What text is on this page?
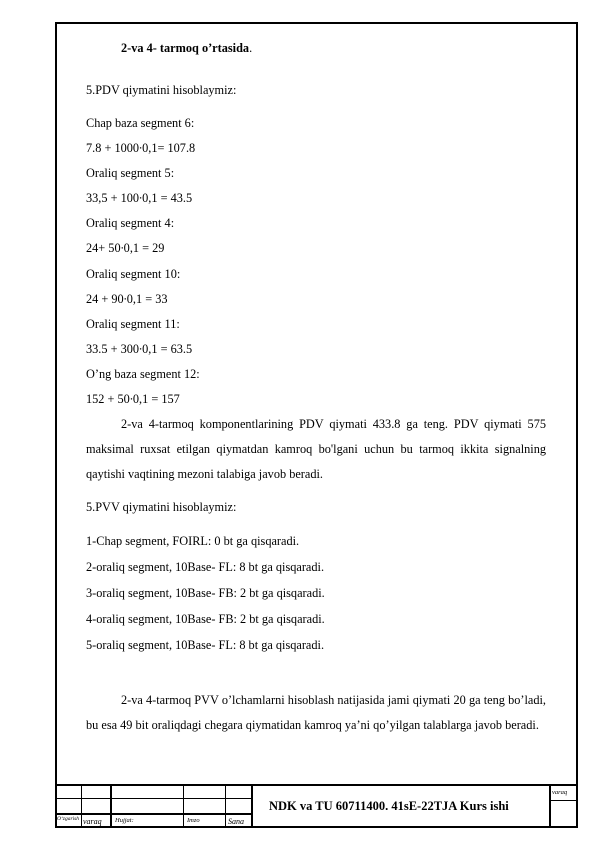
2-va 4- tarmoq o’rtasida.
5.PDV qiymatini hisoblaymiz:
Chap baza segment 6:
7.8 + 1000∙0,1= 107.8
Oraliq segment 5:
33,5 + 100∙0,1 = 43.5
Oraliq segment 4:
24+ 50∙0,1 = 29
Oraliq segment 10:
24 + 90∙0,1 = 33
Oraliq segment 11:
33.5 + 300∙0,1 = 63.5
O’ng baza segment 12:
152 + 50∙0,1 = 157
2-va 4-tarmoq komponentlarining PDV qiymati 433.8 ga teng. PDV qiymati 575 maksimal ruxsat etilgan qiymatdan kamroq bo'lgani uchun bu tarmoq ikkita signalning qaytishi vaqtining mezoni talabiga javob beradi.
5.PVV qiymatini hisoblaymiz:
1-Chap segment, FOIRL: 0 bt ga qisqaradi.
2-oraliq segment, 10Base- FL: 8 bt ga qisqaradi.
3-oraliq segment, 10Base- FB: 2 bt ga qisqaradi.
4-oraliq segment, 10Base- FB: 2 bt ga qisqaradi.
5-oraliq segment, 10Base- FL: 8 bt ga qisqaradi.
2-va 4-tarmoq PVV o’lchamlarni hisoblash natijasida jami qiymati 20 ga teng bo’ladi, bu esa 49 bit oraliqdagi chegara qiymatidan kamroq ya’ni qo’yilgan talablarga javob beradi.
O‘zgarish varaq Hujjat:	Imzo	Sana
NDK va TU 60711400. 41sE-22TJA Kurs ishi
varaq
